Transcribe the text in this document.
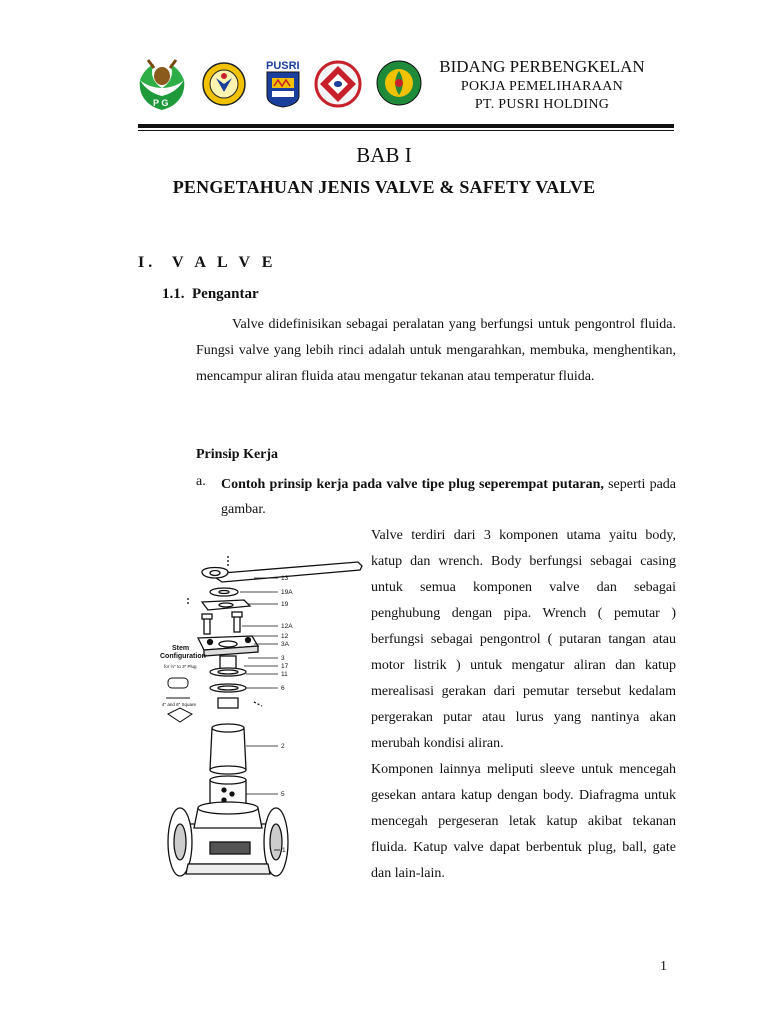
P G
PUSRI	BIDANG PERBENGKELAN
POKJA PEMELIHARAAN
PT. PUSRI HOLDING
BAB I
PENGETAHUAN JENIS VALVE & SAFETY VALVE
I.  V A L V E
1.1.  Pengantar
Valve didefinisikan sebagai peralatan yang berfungsi untuk pengontrol fluida. Fungsi valve yang lebih rinci adalah untuk mengarahkan, membuka, menghentikan, mencampur aliran fluida atau mengatur tekanan atau temperatur fluida.
Prinsip Kerja
a. Contoh prinsip kerja pada valve tipe plug seperempat putaran, seperti pada gambar.
Valve terdiri dari 3 komponen utama yaitu body, katup dan wrench. Body berfungsi sebagai casing untuk semua komponen valve dan sebagai penghubung dengan pipa. Wrench ( pemutar ) berfungsi sebagai pengontrol ( putaran tangan atau motor listrik ) untuk mengatur aliran dan katup merealisasi gerakan dari pemutar tersebut kedalam pergerakan putar atau lurus yang nantinya akan merubah kondisi aliran.
Komponen lainnya meliputi sleeve untuk mencegah gesekan antara katup dengan body. Diafragma untuk mencegah pergeseran letak katup akibat tekanan fluida. Katup valve dapat berbentuk plug, ball, gate dan lain-lain.
Stem
Configuration
for ½" to 3" Plug
4" and 6" Square
13
19A
19
12A
12
3A
3
17
11
6
2
5
1
1
